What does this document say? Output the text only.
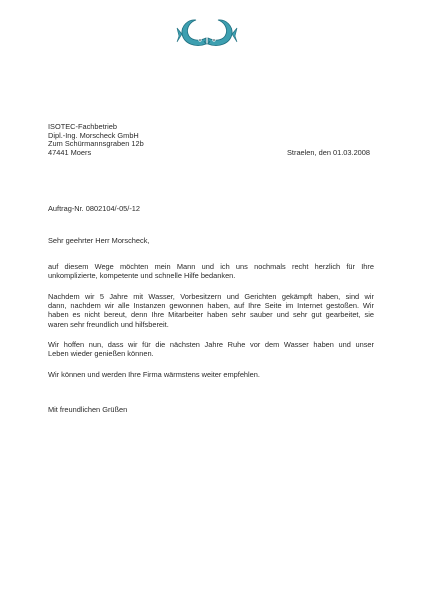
ISOTEC-Fachbetrieb
Dipl.-Ing. Morscheck GmbH
Zum Schürmannsgraben 12b
47441 Moers	Straelen, den 01.03.2008
Auftrag-Nr. 0802104/-05/-12
Sehr geehrter Herr Morscheck,
auf diesem Wege möchten mein Mann und ich uns nochmals recht herzlich für Ihre
unkomplizierte, kompetente und schnelle Hilfe bedanken.
Nachdem wir 5 Jahre mit Wasser, Vorbesitzern und Gerichten gekämpft haben, sind wir
dann, nachdem wir alle Instanzen gewonnen haben, auf Ihre Seite im Internet gestoßen. Wir
haben es nicht bereut, denn Ihre Mitarbeiter haben sehr sauber und sehr gut gearbeitet, sie
waren sehr freundlich und hilfsbereit.
Wir hoffen nun, dass wir für die nächsten Jahre Ruhe vor dem Wasser haben und unser
Leben wieder genießen können.
Wir können und werden Ihre Firma wärmstens weiter empfehlen.
Mit freundlichen Grüßen
